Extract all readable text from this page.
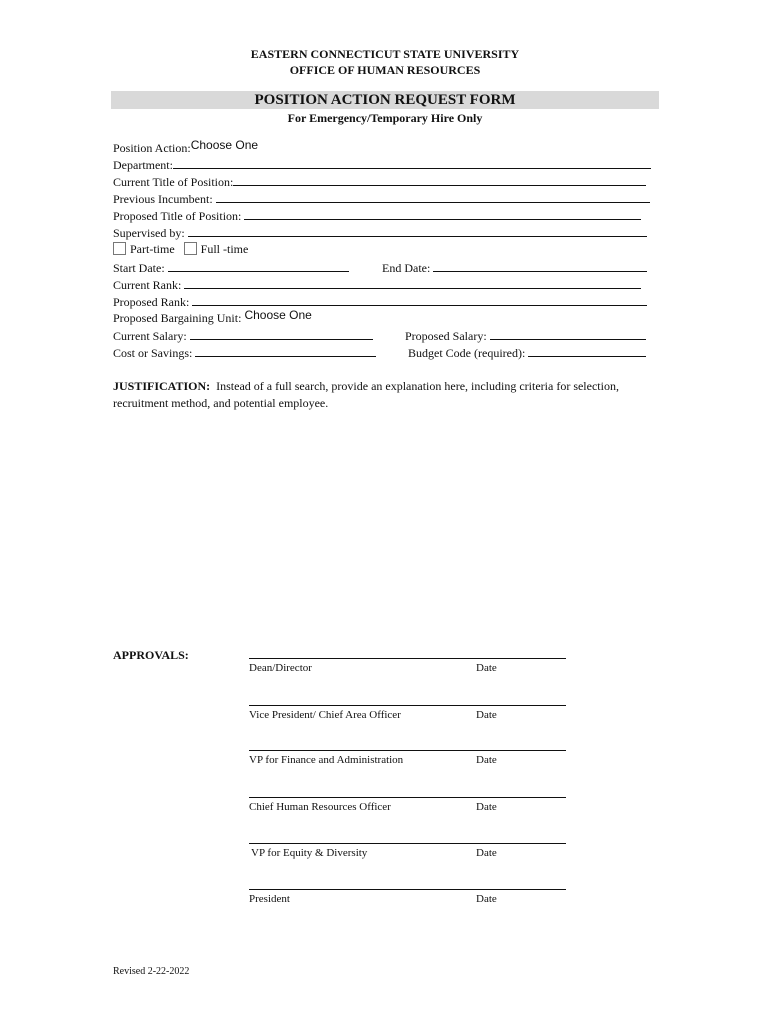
EASTERN CONNECTICUT STATE UNIVERSITY
OFFICE OF HUMAN RESOURCES
POSITION ACTION REQUEST FORM
For Emergency/Temporary Hire Only
Position Action:Choose One
Department:
Current Title of Position:
Previous Incumbent:
Proposed Title of Position:
Supervised by:
Part-time Full -time
Start Date:	End Date:
Current Rank:
Proposed Rank:
Proposed Bargaining Unit: Choose One
Current Salary:	Proposed Salary:
Cost or Savings:	Budget Code (required):
JUSTIFICATION: Instead of a full search, provide an explanation here, including criteria for selection, recruitment method, and potential employee.
APPROVALS:
Dean/Director	Date
Vice President/ Chief Area Officer	Date
VP for Finance and Administration	Date
Chief Human Resources Officer	Date
VP for Equity & Diversity	Date
President	Date
Revised 2-22-2022
